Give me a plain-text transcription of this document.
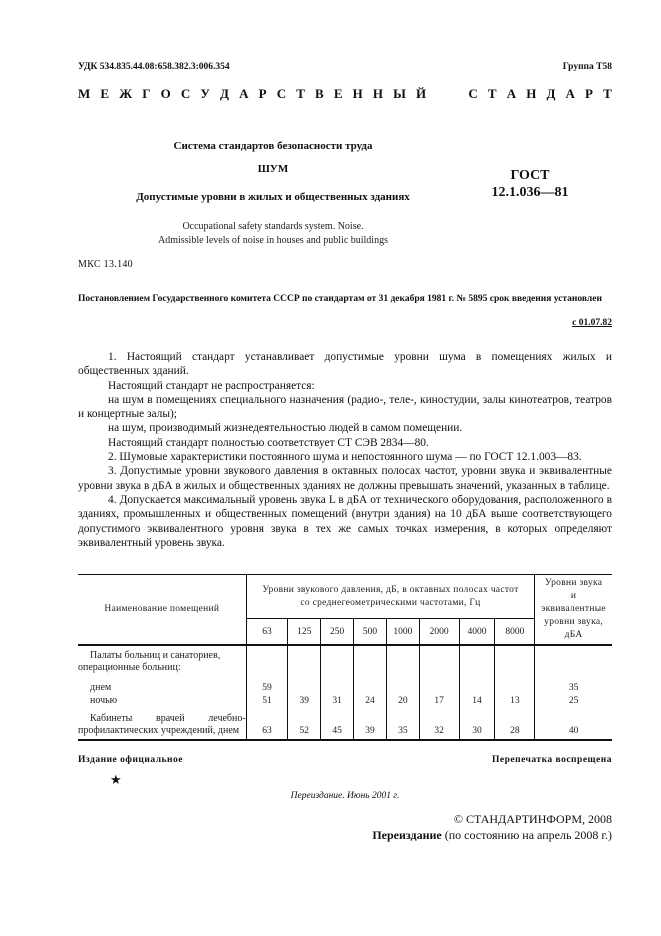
УДК 534.835.44.08:658.382.3:006.354	Группа Т58
М Е Ж Г О С У Д А Р С Т В Е Н Н Ы Й	С Т А Н Д А Р Т
Система стандартов безопасности труда
ШУМ
Допустимые уровни в жилых и общественных зданиях
ГОСТ
12.1.036—81
Occupational safety standards system. Noise.
Admissible levels of noise in houses and public buildings
МКС 13.140
Постановлением Государственного комитета СССР по стандартам от 31 декабря 1981 г. № 5895 срок введения установлен
с 01.07.82

1. Настоящий стандарт устанавливает допустимые уровни шума в помещениях жилых и общественных зданий.

Настоящий стандарт не распространяется:

на шум в помещениях специального назначения (радио-, теле-, киностудии, залы кинотеатров, театров и концертные залы);

на шум, производимый жизнедеятельностью людей в самом помещении.

Настоящий стандарт полностью соответствует СТ СЭВ 2834—80.

2. Шумовые характеристики постоянного шума и непостоянного шума — по ГОСТ 12.1.003—83.

3. Допустимые уровни звукового давления в октавных полосах частот, уровни звука и эквивалентные уровни звука в дБА в жилых и общественных зданиях не должны превышать значений, указанных в таблице.

4. Допускается максимальный уровень звука L в дБА от технического оборудования, расположенного в зданиях, промышленных и общественных помещений (внутри здания) на 10 дБА выше соответствующего допустимого эквивалентного уровня звука в тех же самых точках измерения, в которых определяют эквивалентный уровень звука.

Наименование помещений	Уровни звукового давления, дБ, в октавных полосах частот со среднегеометрическими частотами, Гц								Уровни звука и эквивалентные уровни звука, дБА
	63	125	250	500	1000	2000	4000	8000	
Палаты больниц и санаториев, операционные больниц:									
днем	59								35
ночью	51	39	31	24	20	17	14	13	25
Кабинеты врачей лечебно-профилактических учреждений, днем	63	52	45	39	35	32	30	28	40
Издание официальное	Перепечатка воспрещена
★
Переиздание. Июнь 2001 г.
© СТАНДАРТИНФОРМ, 2008
Переиздание (по состоянию на апрель 2008 г.)
